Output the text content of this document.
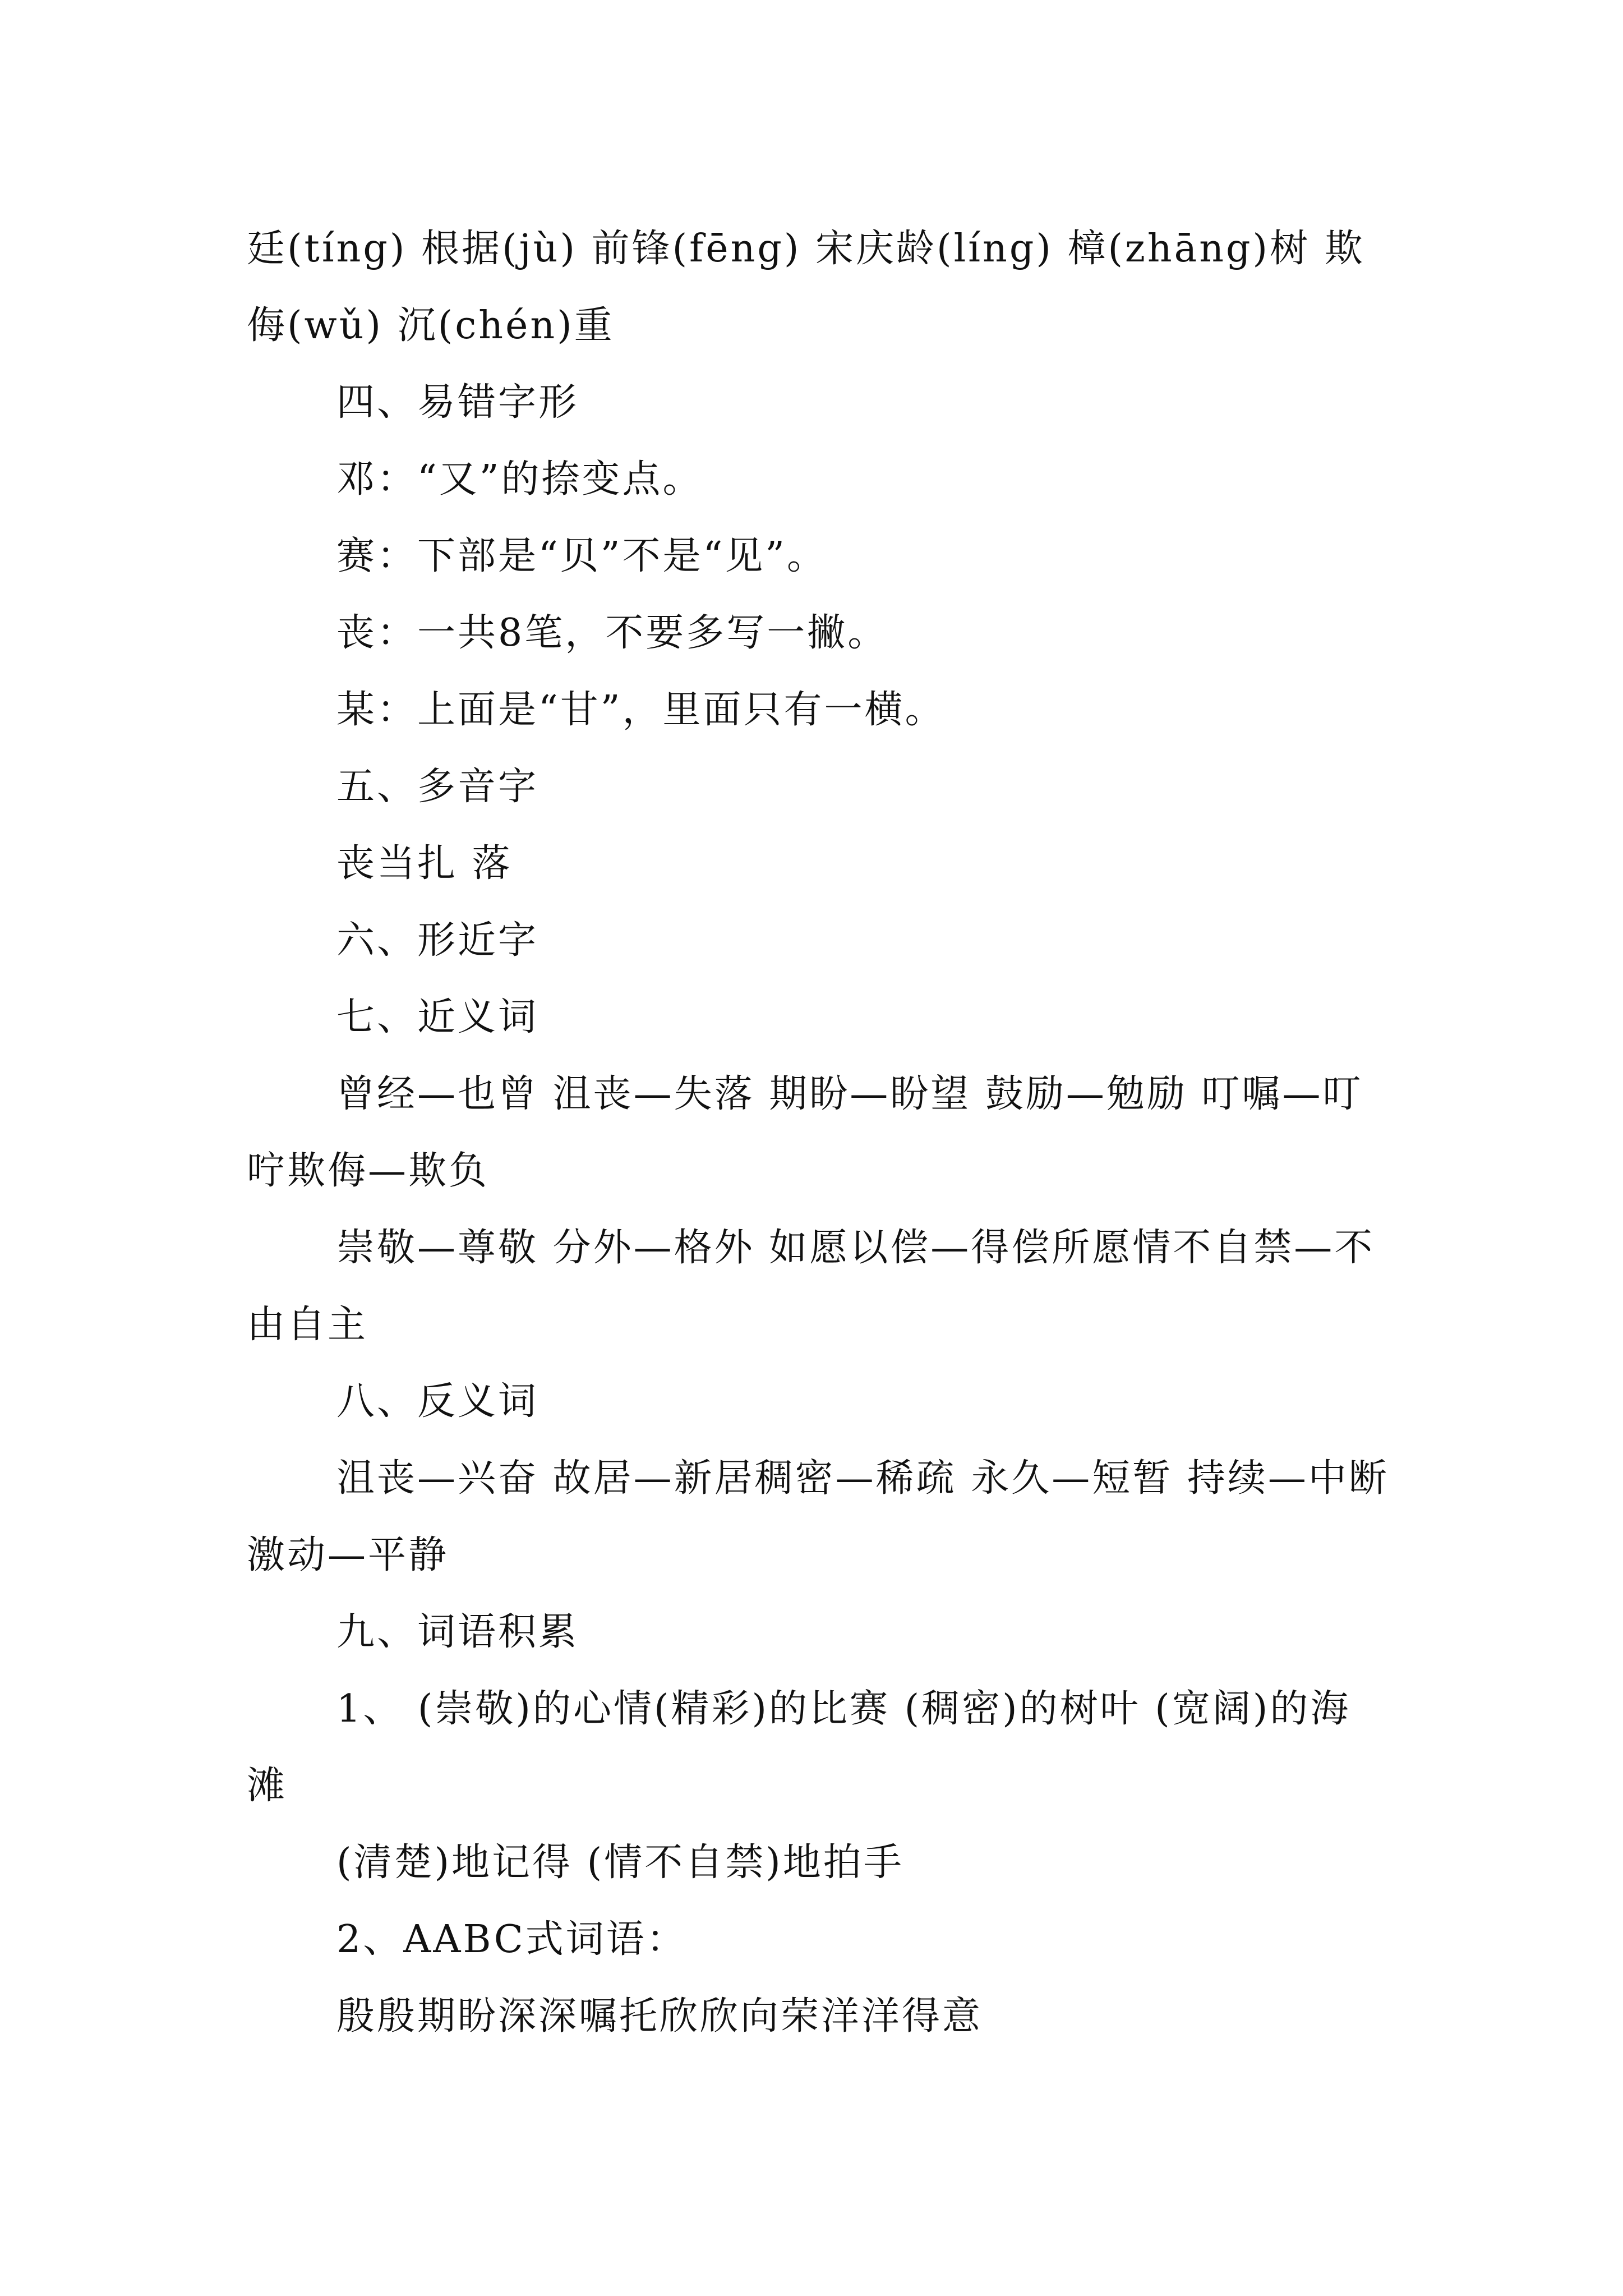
廷(tíng) 根据(jù) 前锋(fēng) 宋庆龄(líng) 樟(zhāng)树 欺侮(wǔ) 沉(chén)重

四、易错字形

邓：“又”的捺变点。

赛：下部是“贝”不是“见”。

丧：一共8笔，不要多写一撇。

某：上面是“甘”，里面只有一横。

五、多音字

丧当扎 落

六、形近字

七、近义词

曾经—也曾 沮丧—失落 期盼—盼望 鼓励—勉励 叮嘱—叮咛欺侮—欺负

崇敬—尊敬 分外—格外 如愿以偿—得偿所愿情不自禁—不由自主

八、反义词

沮丧—兴奋 故居—新居稠密—稀疏 永久—短暂 持续—中断 激动—平静

九、词语积累

1、 (崇敬)的心情(精彩)的比赛 (稠密)的树叶 (宽阔)的海滩

(清楚)地记得 (情不自禁)地拍手

2、AABC式词语：

殷殷期盼深深嘱托欣欣向荣洋洋得意
